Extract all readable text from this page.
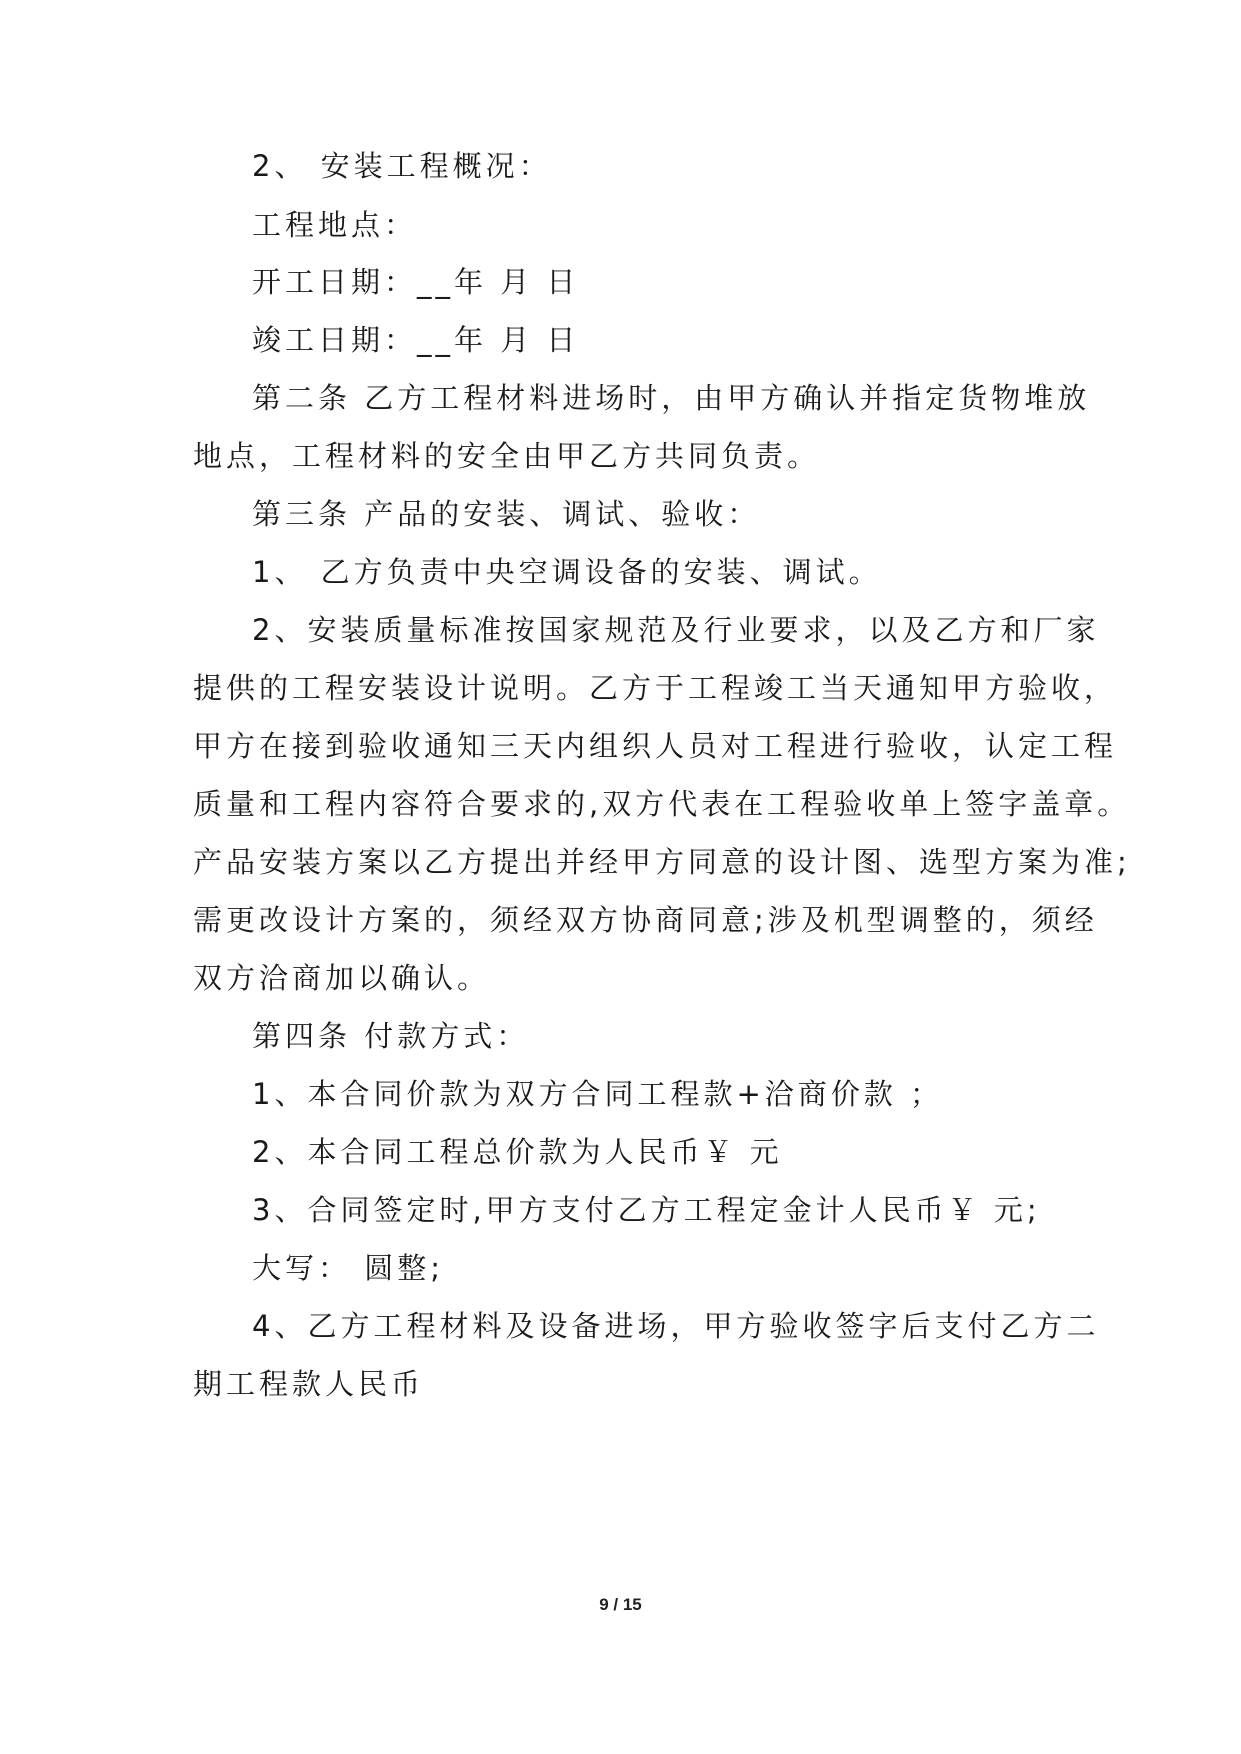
2、 安装工程概况：
工程地点：
开工日期：__年 月 日
竣工日期：__年 月 日
第二条 乙方工程材料进场时，由甲方确认并指定货物堆放
地点，工程材料的安全由甲乙方共同负责。
第三条 产品的安装、调试、验收：
1、 乙方负责中央空调设备的安装、调试。
2、安装质量标准按国家规范及行业要求，以及乙方和厂家
提供的工程安装设计说明。乙方于工程竣工当天通知甲方验收，
甲方在接到验收通知三天内组织人员对工程进行验收，认定工程
质量和工程内容符合要求的,双方代表在工程验收单上签字盖章。
产品安装方案以乙方提出并经甲方同意的设计图、选型方案为准;
需更改设计方案的，须经双方协商同意;涉及机型调整的，须经
双方洽商加以确认。
第四条 付款方式：
1、本合同价款为双方合同工程款+洽商价款 ；
2、本合同工程总价款为人民币￥ 元
3、合同签定时,甲方支付乙方工程定金计人民币￥ 元;
大写： 圆整;
4、乙方工程材料及设备进场，甲方验收签字后支付乙方二
期工程款人民币
9 / 15
